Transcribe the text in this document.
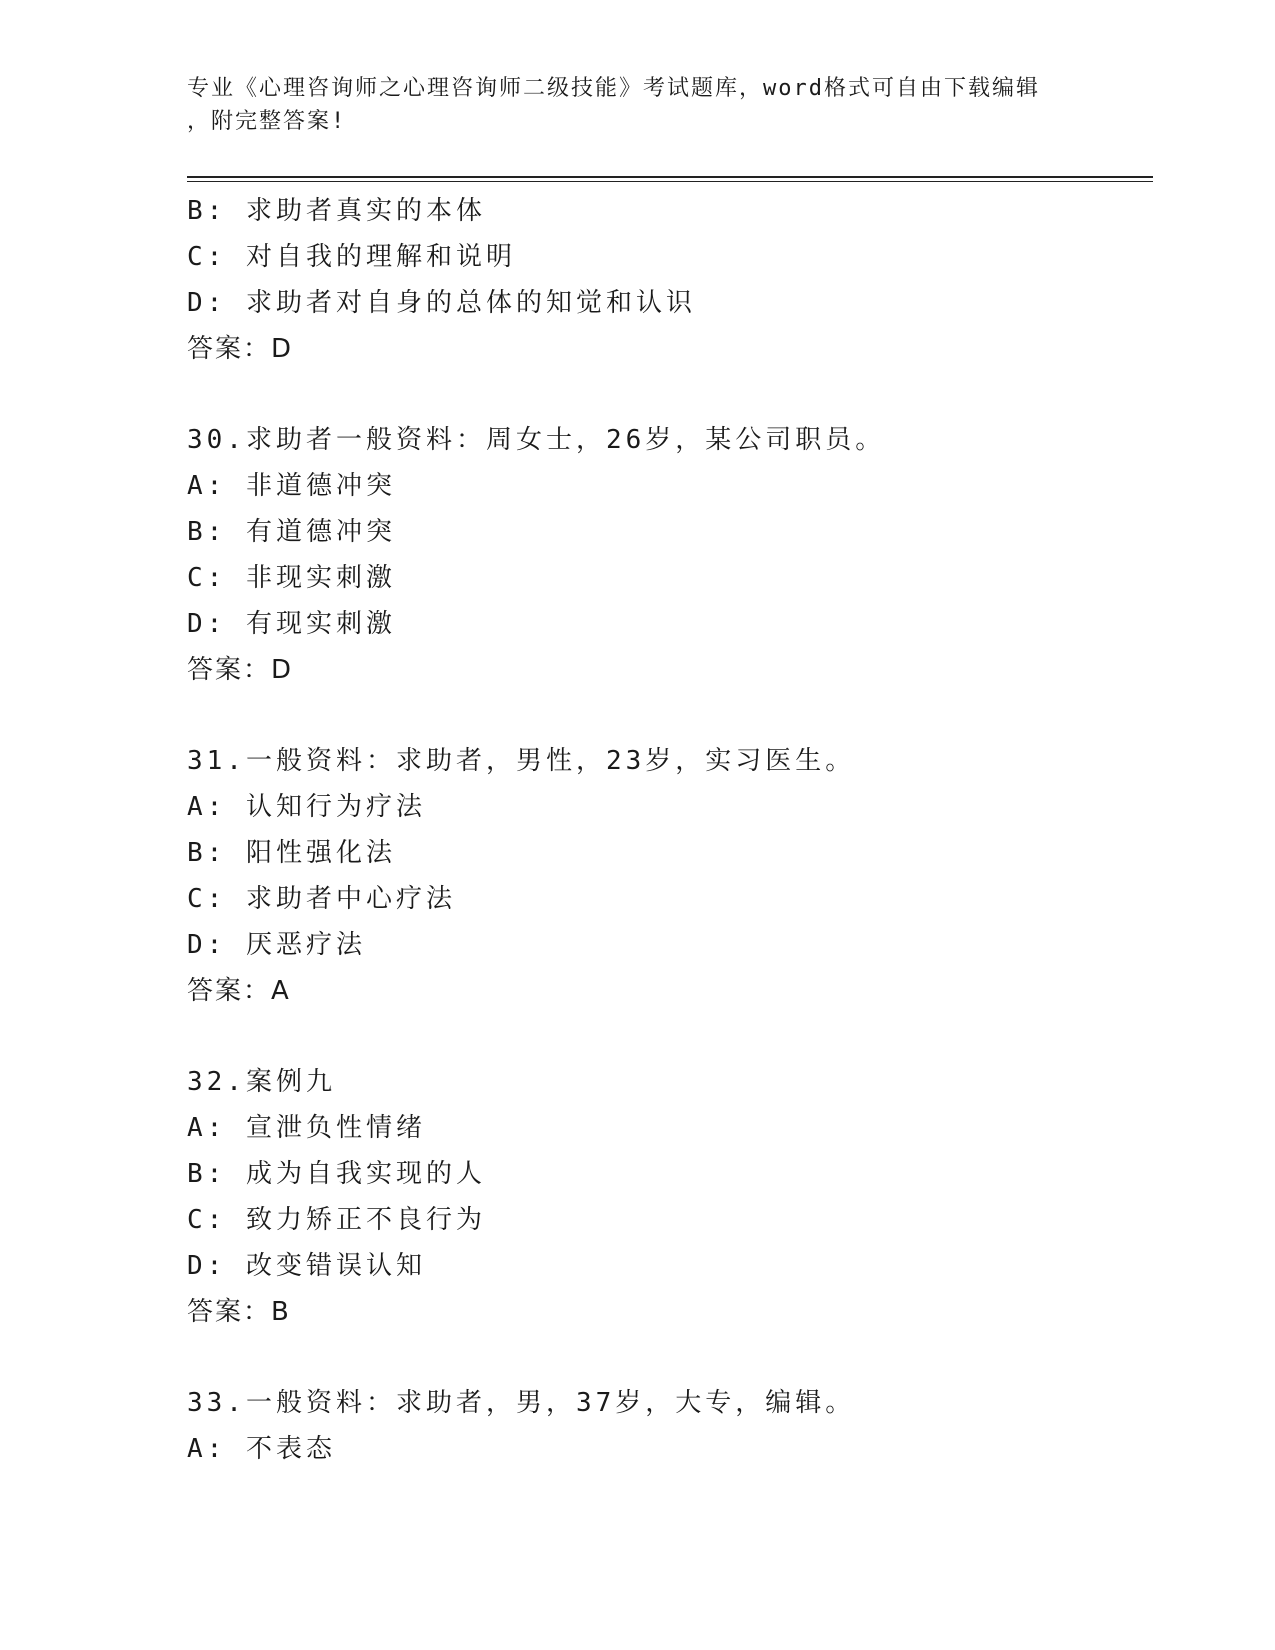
专业《心理咨询师之心理咨询师二级技能》考试题库，word格式可自由下载编辑
，附完整答案!
B: 求助者真实的本体
C: 对自我的理解和说明
D: 求助者对自身的总体的知觉和认识
答案：D
30.求助者一般资料：周女士，26岁，某公司职员。
A: 非道德冲突
B: 有道德冲突
C: 非现实刺激
D: 有现实刺激
答案：D
31.一般资料：求助者，男性，23岁，实习医生。
A: 认知行为疗法
B: 阳性强化法
C: 求助者中心疗法
D: 厌恶疗法
答案：A
32.案例九
A: 宣泄负性情绪
B: 成为自我实现的人
C: 致力矫正不良行为
D: 改变错误认知
答案：B
33.一般资料：求助者，男，37岁，大专，编辑。
A: 不表态
